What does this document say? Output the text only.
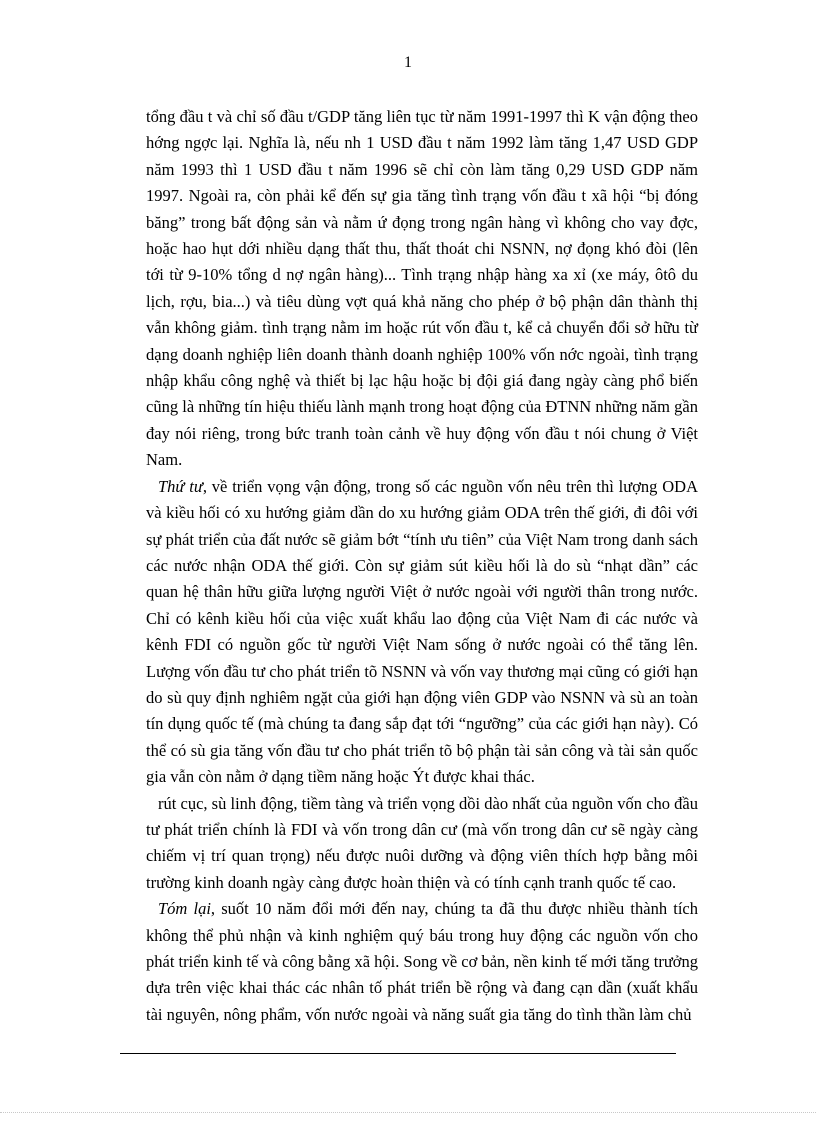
1

tổng đầu t và chỉ số đầu t/GDP tăng liên tục từ năm 1991-1997 thì K vận động theo hớng ngợc lại. Nghĩa là, nếu nh 1 USD đầu t năm 1992 làm tăng 1,47 USD GDP năm 1993 thì 1 USD đầu t năm 1996 sẽ chỉ còn làm tăng 0,29 USD GDP năm 1997. Ngoài ra, còn phải kể đến sự gia tăng tình trạng vốn đầu t xã hội “bị đóng băng” trong bất động sản và nằm ứ đọng trong ngân hàng vì không cho vay đợc, hoặc hao hụt dới nhiều dạng thất thu, thất thoát chi NSNN, nợ đọng khó đòi (lên tới từ 9-10% tổng d nợ ngân hàng)... Tình trạng nhập hàng xa xỉ (xe máy, ôtô du lịch, rợu, bia...) và tiêu dùng vợt quá khả năng cho phép ở bộ phận dân thành thị vẫn không giảm. tình trạng nằm im hoặc rút vốn đầu t, kể cả chuyển đổi sở hữu từ dạng doanh nghiệp liên doanh thành doanh nghiệp 100% vốn nớc ngoài, tình trạng nhập khẩu công nghệ và thiết bị lạc hậu hoặc bị đội giá đang ngày càng phổ biến cũng là những tín hiệu thiếu lành mạnh trong hoạt động của ĐTNN những năm gần đay nói riêng, trong bức tranh toàn cảnh về huy động vốn đầu t nói chung ở Việt Nam.

Thứ tư, về triển vọng vận động, trong số các nguồn vốn nêu trên thì lượng ODA và kiều hối có xu hướng giảm dần do xu hướng giảm ODA trên thế giới, đi đôi với sự phát triển của đất nước sẽ giảm bớt “tính ưu tiên” của Việt Nam trong danh sách các nước nhận ODA thế giới. Còn sự giảm sút kiều hối là do sù “nhạt dần” các quan hệ thân hữu giữa lượng người Việt ở nước ngoài với người thân trong nước. Chỉ có kênh kiều hối của việc xuất khẩu lao động của Việt Nam đi các nước và kênh FDI có nguồn gốc từ người Việt Nam sống ở nước ngoài có thể tăng lên. Lượng vốn đầu tư cho phát triển tõ NSNN và vốn vay thương mại cũng có giới hạn do sù quy định nghiêm ngặt của giới hạn động viên GDP vào NSNN và sù an toàn tín dụng quốc tế (mà chúng ta đang sắp đạt tới “ngưỡng” của các giới hạn này). Có thể có sù gia tăng vốn đầu tư cho phát triển tõ bộ phận tài sản công và tài sản quốc gia vẫn còn nằm ở dạng tiềm năng hoặc Ýt được khai thác.

rút cục, sù linh động, tiềm tàng và triển vọng dồi dào nhất của nguồn vốn cho đầu tư phát triển chính là FDI và vốn trong dân cư (mà vốn trong dân cư sẽ ngày càng chiếm vị trí quan trọng) nếu được nuôi dưỡng và động viên thích hợp bằng môi trường kinh doanh ngày càng được hoàn thiện và có tính cạnh tranh quốc tế cao.

Tóm lại, suốt 10 năm đổi mới đến nay, chúng ta đã thu được nhiều thành tích không thể phủ nhận và kinh nghiệm quý báu trong huy động các nguồn vốn cho phát triển kinh tế và công bằng xã hội. Song về cơ bản, nền kinh tế mới tăng trưởng dựa trên việc khai thác các nhân tố phát triển bề rộng và đang cạn dần (xuất khẩu tài nguyên, nông phẩm, vốn nước ngoài và năng suất gia tăng do tình thần làm chủ
